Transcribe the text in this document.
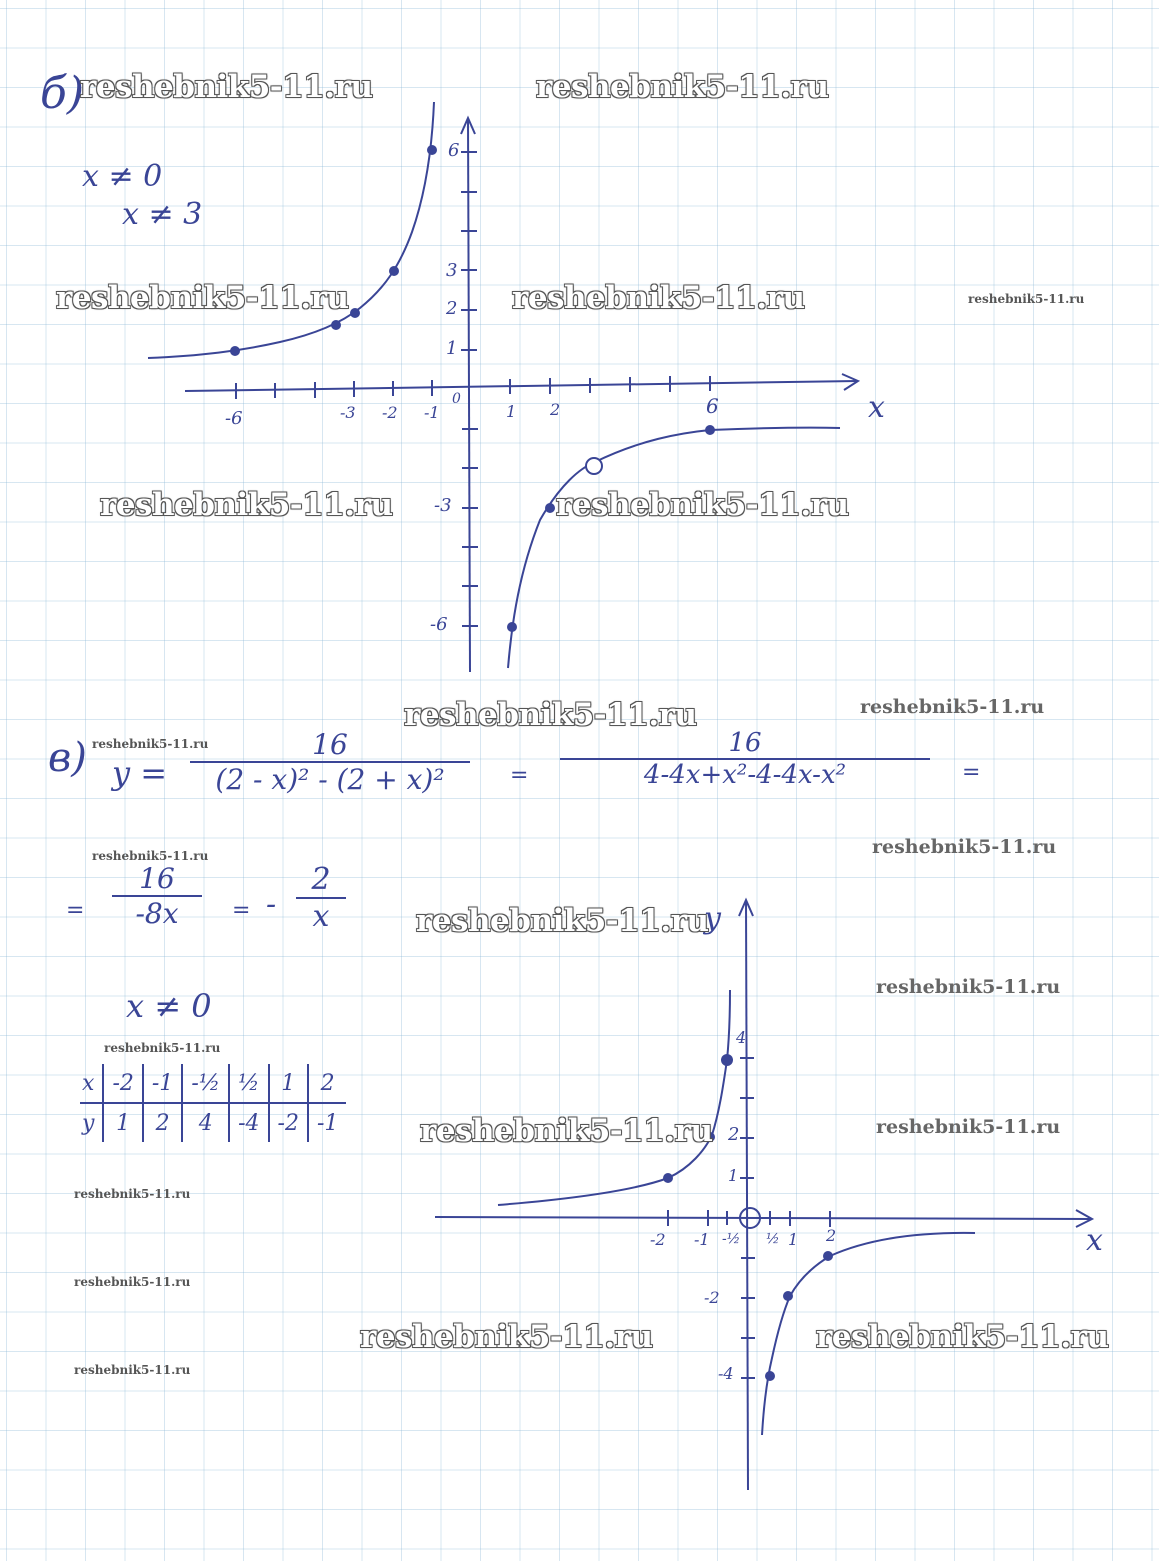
б)
x ≠ 0
x ≠ 3
x
-6	-3 -2 -1
0
1 2	6
6
3
2
1
-3
-6
в) y =
16
(2 - x)² - (2 + x)²	=
16
4-4x+x²-4-4x-x²	=
=
16
-8x	= -
2
x
x ≠ 0
x	-2	-1	-½	½	1	2
y	1	2	4	-4	-2	-1
x
y
-2 -1 -½ ½ 1 2
4
2
1
-2
-4
reshebnik5-11.ru	reshebnik5-11.ru
reshebnik5-11.ru	reshebnik5-11.ru	reshebnik5-11.ru
reshebnik5-11.ru	reshebnik5-11.ru
reshebnik5-11.ru	reshebnik5-11.ru
reshebnik5-11.ru
reshebnik5-11.ru	reshebnik5-11.ru
reshebnik5-11.ru
reshebnik5-11.ru
reshebnik5-11.ru
reshebnik5-11.ru	reshebnik5-11.ru
reshebnik5-11.ru
reshebnik5-11.ru
reshebnik5-11.ru	reshebnik5-11.ru
reshebnik5-11.ru
